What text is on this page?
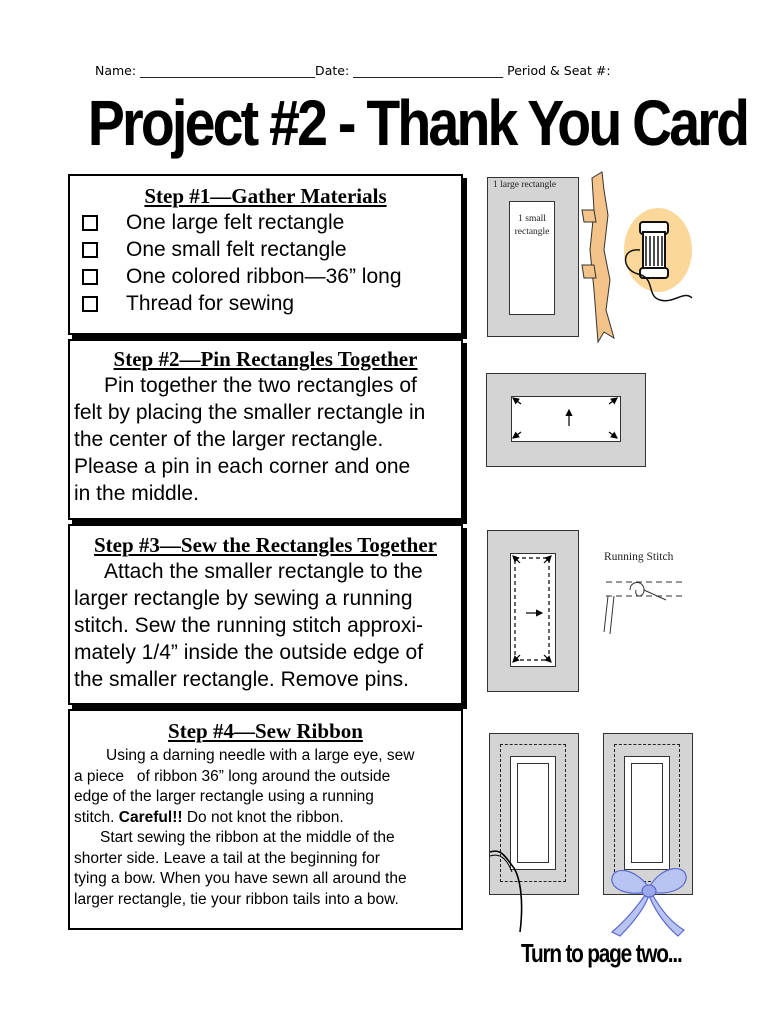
Name: ____________________________Date: ________________________ Period & Seat #:
Project #2 - Thank You Card
Step #1—Gather Materials
One large felt rectangle
One small felt rectangle
One colored ribbon—36” long
Thread for sewing
Step #2—Pin Rectangles Together
Pin together the two rectangles of
felt by placing the smaller rectangle in
the center of the larger rectangle.
Please a pin in each corner and one
in the middle.
Step #3—Sew the Rectangles Together
Attach the smaller rectangle to the
larger rectangle by sewing a running
stitch. Sew the running stitch approxi-
mately 1/4” inside the outside edge of
the smaller rectangle. Remove pins.
Step #4—Sew Ribbon
Using a darning needle with a large eye, sew
a piece   of ribbon 36” long around the outside
edge of the larger rectangle using a running
stitch. Careful!! Do not knot the ribbon.
Start sewing the ribbon at the middle of the
shorter side. Leave a tail at the beginning for
tying a bow. When you have sewn all around the
larger rectangle, tie your ribbon tails into a bow.
1 large rectangle
1 small
rectangle
Running Stitch
Turn to page two...
